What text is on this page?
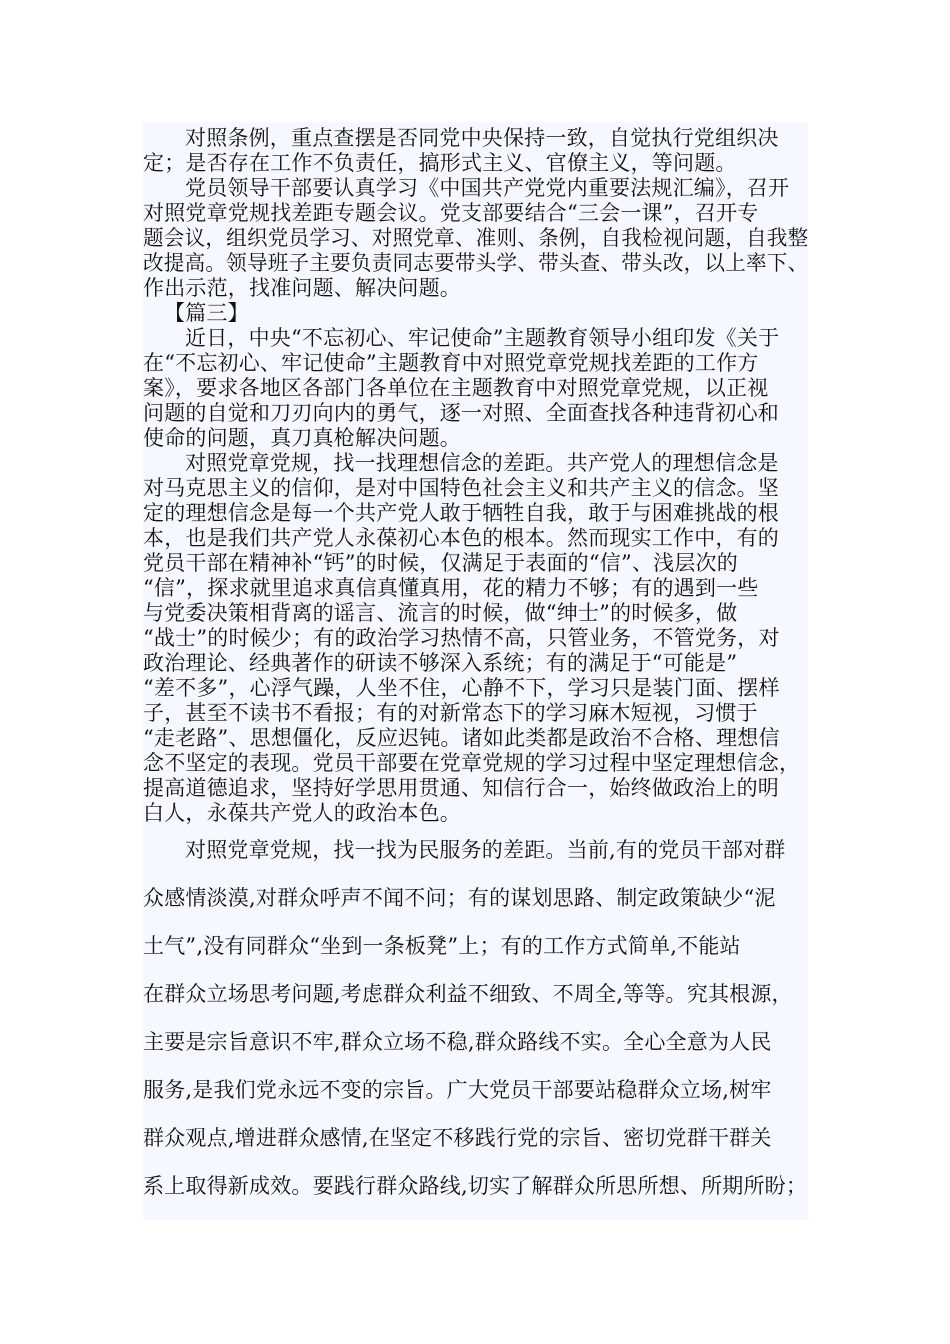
对照条例，重点查摆是否同党中央保持一致，自觉执行党组织决
定；是否存在工作不负责任，搞形式主义、官僚主义，等问题。
党员领导干部要认真学习《中国共产党党内重要法规汇编》，召开
对照党章党规找差距专题会议。党支部要结合“三会一课”，召开专
题会议，组织党员学习、对照党章、准则、条例，自我检视问题，自我整
改提高。领导班子主要负责同志要带头学、带头查、带头改，以上率下、
作出示范，找准问题、解决问题。
【篇三】
近日，中央“不忘初心、牢记使命”主题教育领导小组印发《关于
在“不忘初心、牢记使命”主题教育中对照党章党规找差距的工作方
案》，要求各地区各部门各单位在主题教育中对照党章党规，以正视
问题的自觉和刀刃向内的勇气，逐一对照、全面查找各种违背初心和
使命的问题，真刀真枪解决问题。
对照党章党规，找一找理想信念的差距。共产党人的理想信念是
对马克思主义的信仰，是对中国特色社会主义和共产主义的信念。坚
定的理想信念是每一个共产党人敢于牺牲自我，敢于与困难挑战的根
本，也是我们共产党人永葆初心本色的根本。然而现实工作中，有的
党员干部在精神补“钙”的时候，仅满足于表面的“信”、浅层次的
“信”，探求就里追求真信真懂真用，花的精力不够；有的遇到一些
与党委决策相背离的谣言、流言的时候，做“绅士”的时候多，做
“战士”的时候少；有的政治学习热情不高，只管业务，不管党务，对
政治理论、经典著作的研读不够深入系统；有的满足于“可能是”
“差不多”，心浮气躁，人坐不住，心静不下，学习只是装门面、摆样
子，甚至不读书不看报；有的对新常态下的学习麻木短视，习惯于
“走老路”、思想僵化，反应迟钝。诸如此类都是政治不合格、理想信
念不坚定的表现。党员干部要在党章党规的学习过程中坚定理想信念，
提高道德追求，坚持好学思用贯通、知信行合一，始终做政治上的明
白人，永葆共产党人的政治本色。
对照党章党规，找一找为民服务的差距。当前,有的党员干部对群
众感情淡漠,对群众呼声不闻不问；有的谋划思路、制定政策缺少“泥
土气”,没有同群众“坐到一条板凳”上；有的工作方式简单,不能站
在群众立场思考问题,考虑群众利益不细致、不周全,等等。究其根源，
主要是宗旨意识不牢,群众立场不稳,群众路线不实。全心全意为人民
服务,是我们党永远不变的宗旨。广大党员干部要站稳群众立场,树牢
群众观点,增进群众感情,在坚定不移践行党的宗旨、密切党群干群关
系上取得新成效。要践行群众路线,切实了解群众所思所想、所期所盼；
